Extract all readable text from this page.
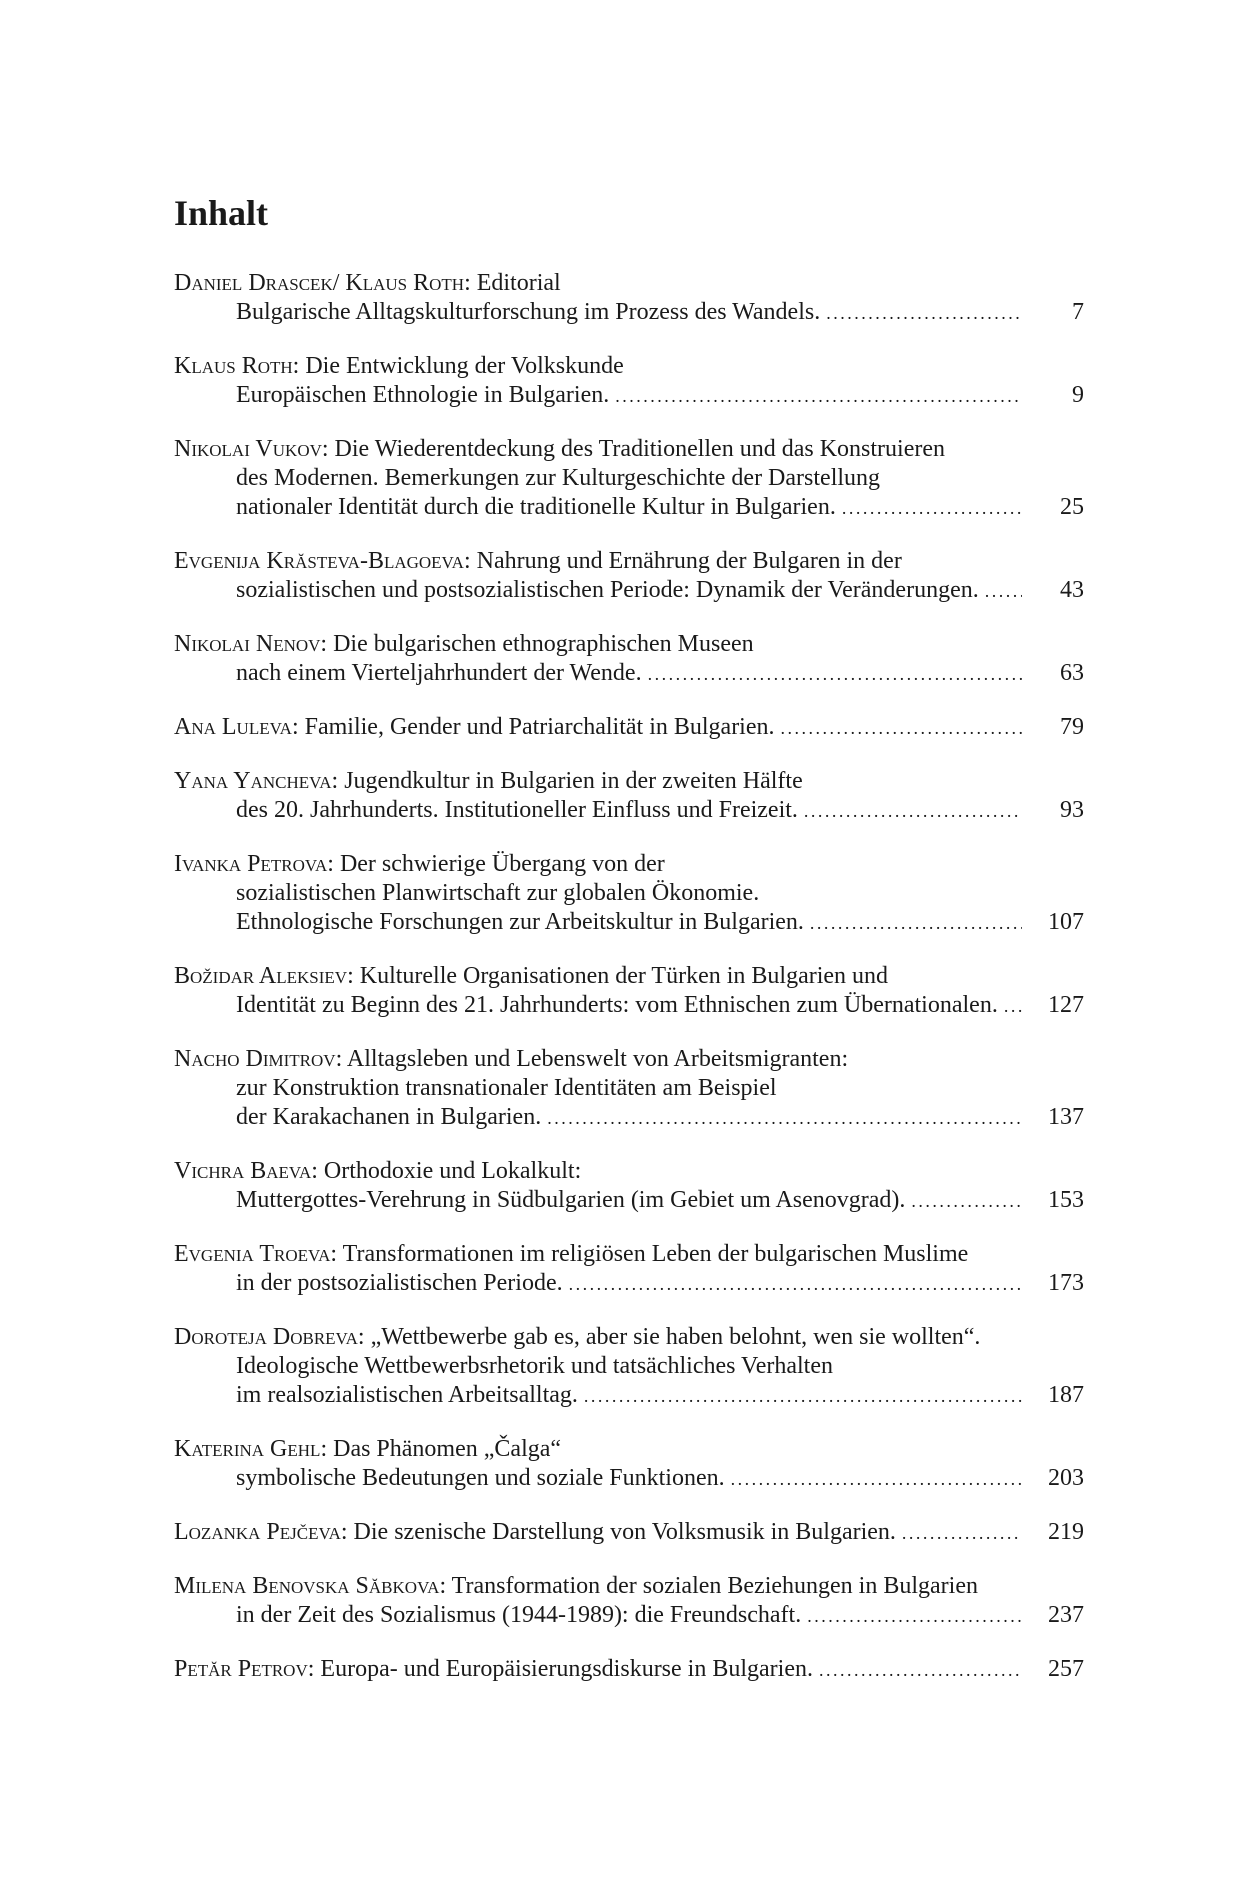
Inhalt
Daniel Drascek/ Klaus Roth: Editorial
Bulgarische Alltagskulturforschung im Prozess des Wandels. . . .	7
Klaus Roth: Die Entwicklung der Volkskunde
Europäischen Ethnologie in Bulgarien. . . .	9
Nikolai Vukov: Die Wiederentdeckung des Traditionellen und das Konstruieren
des Modernen. Bemerkungen zur Kulturgeschichte der Darstellung
nationaler Identität durch die traditionelle Kultur in Bulgarien. . . .	25
Evgenija Krăsteva-Blagoeva: Nahrung und Ernährung der Bulgaren in der
sozialistischen und postsozialistischen Periode: Dynamik der Veränderungen. . . .	43
Nikolai Nenov: Die bulgarischen ethnographischen Museen
nach einem Vierteljahrhundert der Wende. . . .	63
Ana Luleva: Familie, Gender und Patriarchalität in Bulgarien. . . .	79
Yana Yancheva: Jugendkultur in Bulgarien in der zweiten Hälfte
des 20. Jahrhunderts. Institutioneller Einfluss und Freizeit. . . .	93
Ivanka Petrova: Der schwierige Übergang von der
sozialistischen Planwirtschaft zur globalen Ökonomie.
Ethnologische Forschungen zur Arbeitskultur in Bulgarien. . . .	107
Božidar Aleksiev: Kulturelle Organisationen der Türken in Bulgarien und
Identität zu Beginn des 21. Jahrhunderts: vom Ethnischen zum Übernationalen. . . .	127
Nacho Dimitrov: Alltagsleben und Lebenswelt von Arbeitsmigranten:
zur Konstruktion transnationaler Identitäten am Beispiel
der Karakachanen in Bulgarien. . . .	137
Vichra Baeva: Orthodoxie und Lokalkult:
Muttergottes-Verehrung in Südbulgarien (im Gebiet um Asenovgrad). . . .	153
Evgenia Troeva: Transformationen im religiösen Leben der bulgarischen Muslime
in der postsozialistischen Periode. . . .	173
Doroteja Dobreva: „Wettbewerbe gab es, aber sie haben belohnt, wen sie wollten“.
Ideologische Wettbewerbsrhetorik und tatsächliches Verhalten
im realsozialistischen Arbeitsalltag. . . .	187
Katerina Gehl: Das Phänomen „Čalga“
symbolische Bedeutungen und soziale Funktionen. . . .	203
Lozanka Pejčeva: Die szenische Darstellung von Volksmusik in Bulgarien. . . .	219
Milena Benovska Săbkova: Transformation der sozialen Beziehungen in Bulgarien
in der Zeit des Sozialismus (1944-1989): die Freundschaft. . . .	237
Petăr Petrov: Europa- und Europäisierungsdiskurse in Bulgarien. . . .	257
